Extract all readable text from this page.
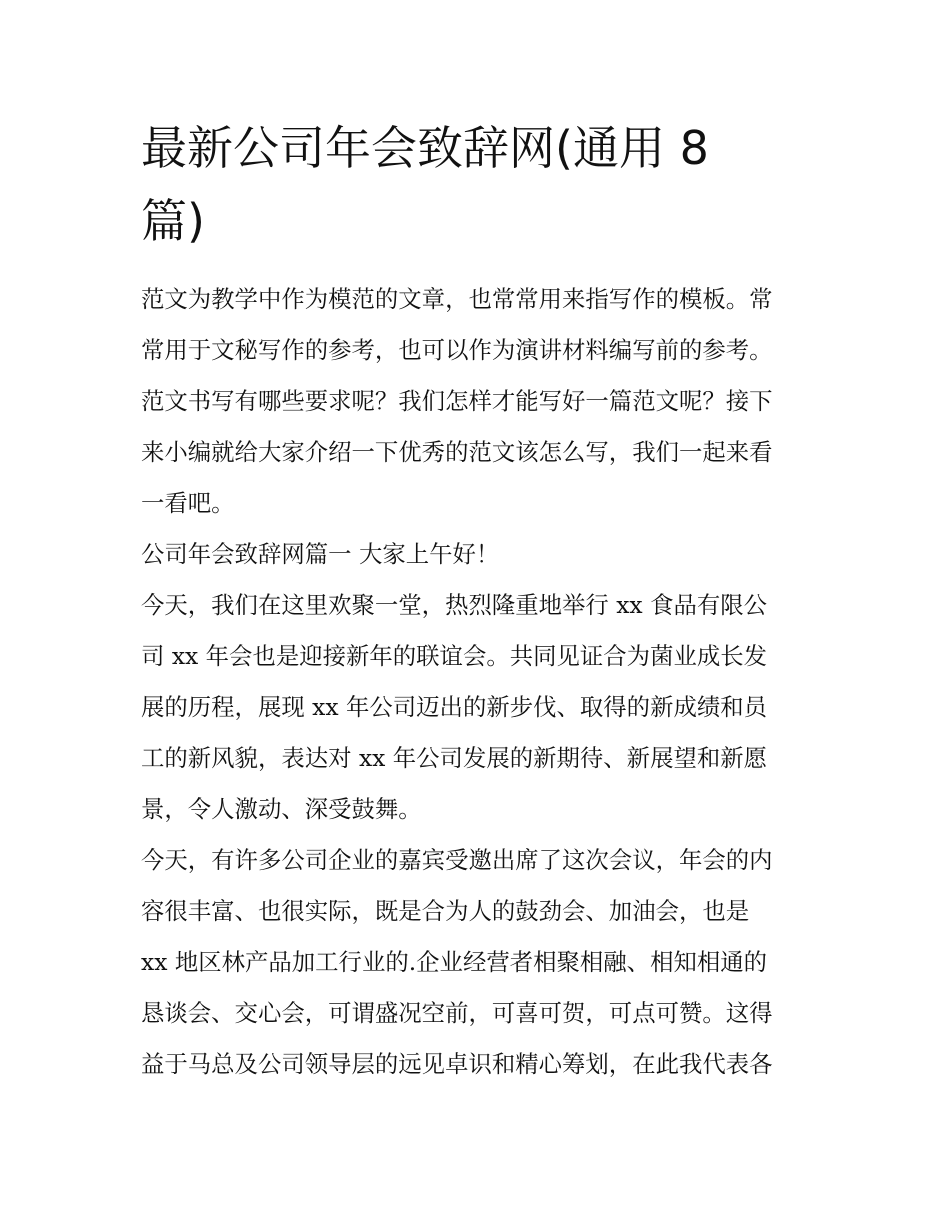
最新公司年会致辞网(通用 8
篇)

范文为教学中作为模范的文章，也常常用来指写作的模板。常
常用于文秘写作的参考，也可以作为演讲材料编写前的参考。
范文书写有哪些要求呢？我们怎样才能写好一篇范文呢？接下
来小编就给大家介绍一下优秀的范文该怎么写，我们一起来看
一看吧。

公司年会致辞网篇一 大家上午好！

今天，我们在这里欢聚一堂，热烈隆重地举行 xx 食品有限公
司 xx 年会也是迎接新年的联谊会。共同见证合为菌业成长发
展的历程，展现 xx 年公司迈出的新步伐、取得的新成绩和员
工的新风貌，表达对 xx 年公司发展的新期待、新展望和新愿
景，令人激动、深受鼓舞。

今天，有许多公司企业的嘉宾受邀出席了这次会议，年会的内
容很丰富、也很实际，既是合为人的鼓劲会、加油会，也是
xx 地区林产品加工行业的.企业经营者相聚相融、相知相通的
恳谈会、交心会，可谓盛况空前，可喜可贺，可点可赞。这得
益于马总及公司领导层的远见卓识和精心筹划，在此我代表各
